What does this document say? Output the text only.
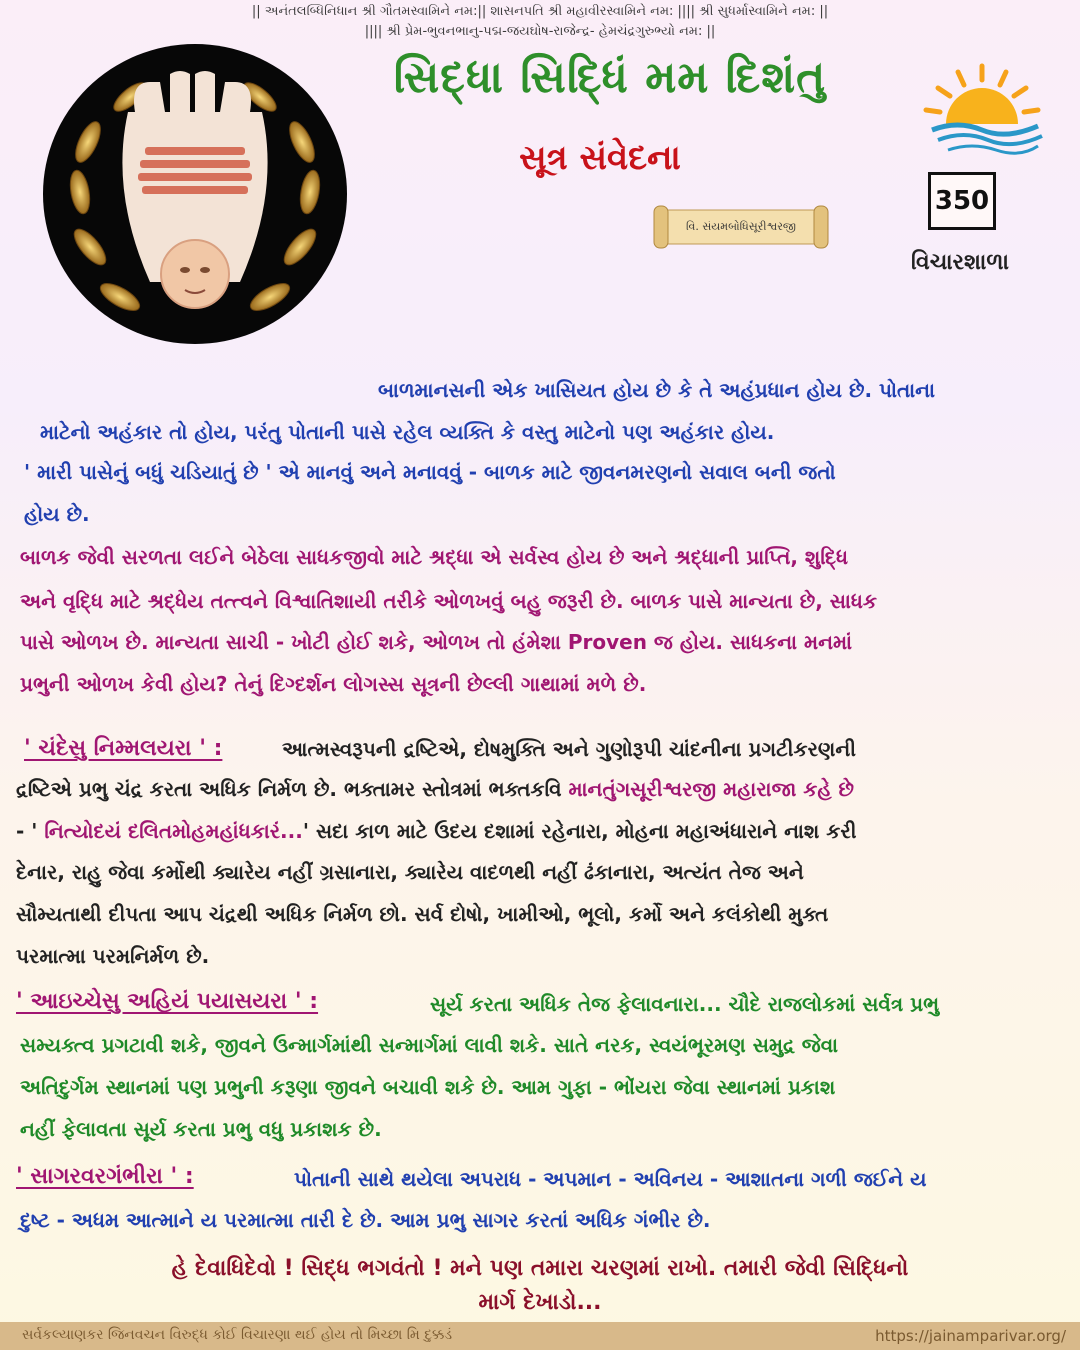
|| અનંતલબ્ધિનિધાન શ્રી ગૌતમસ્વામિને નમ:|| શાસનપતિ શ્રી મહાવીરસ્વામિને નમ: |||| શ્રી સુધર્માસ્વામિને નમ: ||
|||| શ્રી પ્રેમ-ભુવનભાનુ-પદ્મ-જયઘોષ-રાજેન્દ્ર- હેમચંદ્રગુરુભ્યો નમ: ||
સિદ્ધા સિદ્ધિં મમ દિશંતુ
સૂત્ર સંવેદના
વિ. સંયમબોધિસૂરીશ્વરજી
350
વિચારશાળા
બાળમાનસની એક ખાસિયત હોય છે કે તે અહંપ્રધાન હોય છે. પોતાના
માટેનો અહંકાર તો હોય, પરંતુ પોતાની પાસે રહેલ વ્યક્તિ કે વસ્તુ માટેનો પણ અહંકાર હોય.
' મારી પાસેનું બધું ચડિયાતું છે ' એ માનવું અને મનાવવું - બાળક માટે જીવનમરણનો સવાલ બની જતો
હોય છે.
બાળક જેવી સરળતા લઈને બેઠેલા સાધકજીવો માટે શ્રદ્ધા એ સર્વસ્વ હોય છે અને શ્રદ્ધાની પ્રાપ્તિ, શુદ્ધિ
અને વૃદ્ધિ માટે શ્રદ્ધેય તત્ત્વને વિશ્વાતિશાયી તરીકે ઓળખવું બહુ જરૂરી છે. બાળક પાસે માન્યતા છે, સાધક
પાસે ઓળખ છે. માન્યતા સાચી - ખોટી હોઈ શકે, ઓળખ તો હંમેશા Proven જ હોય. સાધકના મનમાં
પ્રભુની ઓળખ કેવી હોય? તેનું દિગ્દર્શન લોગસ્સ સૂત્રની છેલ્લી ગાથામાં મળે છે.
' ચંદેસુ નિમ્મલયરા ' :	આત્મસ્વરૂપની દ્રષ્ટિએ, દોષમુક્તિ અને ગુણોરૂપી ચાંદનીના પ્રગટીકરણની
દ્રષ્ટિએ પ્રભુ ચંદ્ર કરતા અધિક નિર્મળ છે. ભક્તામર સ્તોત્રમાં ભક્તકવિ માનતુંગસૂરીશ્વરજી મહારાજા કહે છે
- ' નિત્યોદયં દલિતમોહમહાંધકારં...' સદા કાળ માટે ઉદય દશામાં રહેનારા, મોહના મહાઅંધારાને નાશ કરી
દેનાર, રાહુ જેવા કર્મોથી ક્યારેય નહીં ગ્રસાનારા, ક્યારેય વાદળથી નહીં ઢંકાનારા, અત્યંત તેજ અને
સૌમ્યતાથી દીપતા આપ ચંદ્રથી અધિક નિર્મળ છો. સર્વ દોષો, ખામીઓ, ભૂલો, કર્મો અને કલંકોથી મુક્ત
પરમાત્મા પરમનિર્મળ છે.
' આઇચ્ચેસુ અહિયં પયાસયરા ' :	સૂર્ય કરતા અધિક તેજ ફેલાવનારા... ચૌદે રાજલોકમાં સર્વત્ર પ્રભુ
સમ્યક્ત્વ પ્રગટાવી શકે, જીવને ઉન્માર્ગમાંથી સન્માર્ગમાં લાવી શકે. સાતે નરક, સ્વયંભૂરમણ સમુદ્ર જેવા
અતિદુર્ગમ સ્થાનમાં પણ પ્રભુની કરૂણા જીવને બચાવી શકે છે. આમ ગુફા - ભોંયરા જેવા સ્થાનમાં પ્રકાશ
નહીં ફેલાવતા સૂર્ય કરતા પ્રભુ વધુ પ્રકાશક છે.
' સાગરવરગંભીરા ' :	પોતાની સાથે થયેલા અપરાધ - અપમાન - અવિનય - આશાતના ગળી જઈને ય
દુષ્ટ - અધમ આત્માને ય પરમાત્મા તારી દે છે. આમ પ્રભુ સાગર કરતાં અધિક ગંભીર છે.
હે દેવાધિદેવો ! સિદ્ધ ભગવંતો ! મને પણ તમારા ચરણમાં રાખો. તમારી જેવી સિદ્ધિનો
માર્ગ દેખાડો...
સર્વકલ્યાણકર જિનવચન વિરુદ્ધ કોઈ વિચારણા થઈ હોય તો મિચ્છા મિ દુક્કડં	https://jainamparivar.org/
